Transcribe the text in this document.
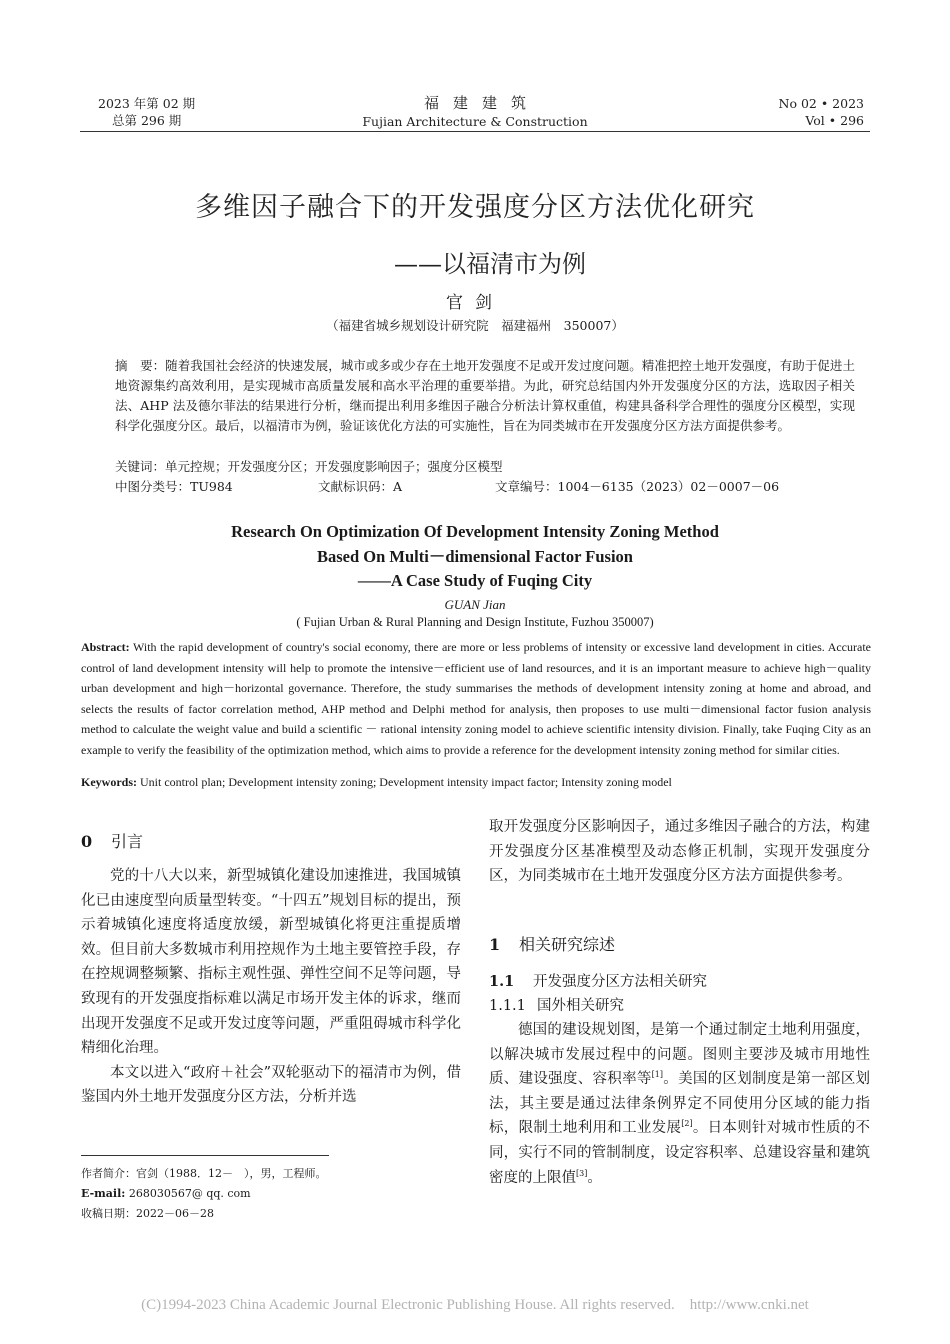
2023 年第 02 期
总第 296 期
福建建筑
Fujian Architecture & Construction
No 02 • 2023
Vol • 296
多维因子融合下的开发强度分区方法优化研究
——以福清市为例
官剑
（福建省城乡规划设计研究院　福建福州　350007）
摘　要：随着我国社会经济的快速发展，城市或多或少存在土地开发强度不足或开发过度问题。精准把控土地开发强度，有助于促进土地资源集约高效利用，是实现城市高质量发展和高水平治理的重要举措。为此，研究总结国内外开发强度分区的方法，选取因子相关法、AHP 法及德尔菲法的结果进行分析，继而提出利用多维因子融合分析法计算权重值，构建具备科学合理性的强度分区模型，实现科学化强度分区。最后，以福清市为例，验证该优化方法的可实施性，旨在为同类城市在开发强度分区方法方面提供参考。
关键词：单元控规；开发强度分区；开发强度影响因子；强度分区模型
中图分类号：TU984	文献标识码：A	文章编号：1004－6135（2023）02－0007－06
Research On Optimization Of Development Intensity Zoning Method
Based On Multi－dimensional Factor Fusion
——A Case Study of Fuqing City
GUAN Jian
( Fujian Urban & Rural Planning and Design Institute, Fuzhou 350007)
Abstract: With the rapid development of country's social economy, there are more or less problems of intensity or excessive land development in cities. Accurate control of land development intensity will help to promote the intensive－efficient use of land resources, and it is an important measure to achieve high－quality urban development and high－horizontal governance. Therefore, the study summarises the methods of development intensity zoning at home and abroad, and selects the results of factor correlation method, AHP method and Delphi method for analysis, then proposes to use multi－dimensional factor fusion analysis method to calculate the weight value and build a scientific － rational intensity zoning model to achieve scientific intensity division. Finally, take Fuqing City as an example to verify the feasibility of the optimization method, which aims to provide a reference for the development intensity zoning method for similar cities.
Keywords: Unit control plan; Development intensity zoning; Development intensity impact factor; Intensity zoning model
0 引言

党的十八大以来，新型城镇化建设加速推进，我国城镇化已由速度型向质量型转变。“十四五”规划目标的提出，预示着城镇化速度将适度放缓，新型城镇化将更注重提质增效。但目前大多数城市利用控规作为土地主要管控手段，存在控规调整频繁、指标主观性强、弹性空间不足等问题，导致现有的开发强度指标难以满足市场开发主体的诉求，继而出现开发强度不足或开发过度等问题，严重阻碍城市科学化精细化治理。

本文以进入“政府＋社会”双轮驱动下的福清市为例，借鉴国内外土地开发强度分区方法，分析并选

作者简介：官剑（1988．12－　），男，工程师。
E-mail: 268030567@ qq. com
收稿日期：2022－06－28

取开发强度分区影响因子，通过多维因子融合的方法，构建开发强度分区基准模型及动态修正机制，实现开发强度分区，为同类城市在土地开发强度分区方法方面提供参考。

1 相关研究综述
1.1 开发强度分区方法相关研究
1.1.1 国外相关研究

德国的建设规划图，是第一个通过制定土地利用强度，以解决城市发展过程中的问题。图则主要涉及城市用地性质、建设强度、容积率等[1]。美国的区划制度是第一部区划法，其主要是通过法律条例界定不同使用分区域的能力指标，限制土地利用和工业发展[2]。日本则针对城市性质的不同，实行不同的管制制度，设定容积率、总建设容量和建筑密度的上限值[3]。

(C)1994-2023 China Academic Journal Electronic Publishing House. All rights reserved.    http://www.cnki.net
